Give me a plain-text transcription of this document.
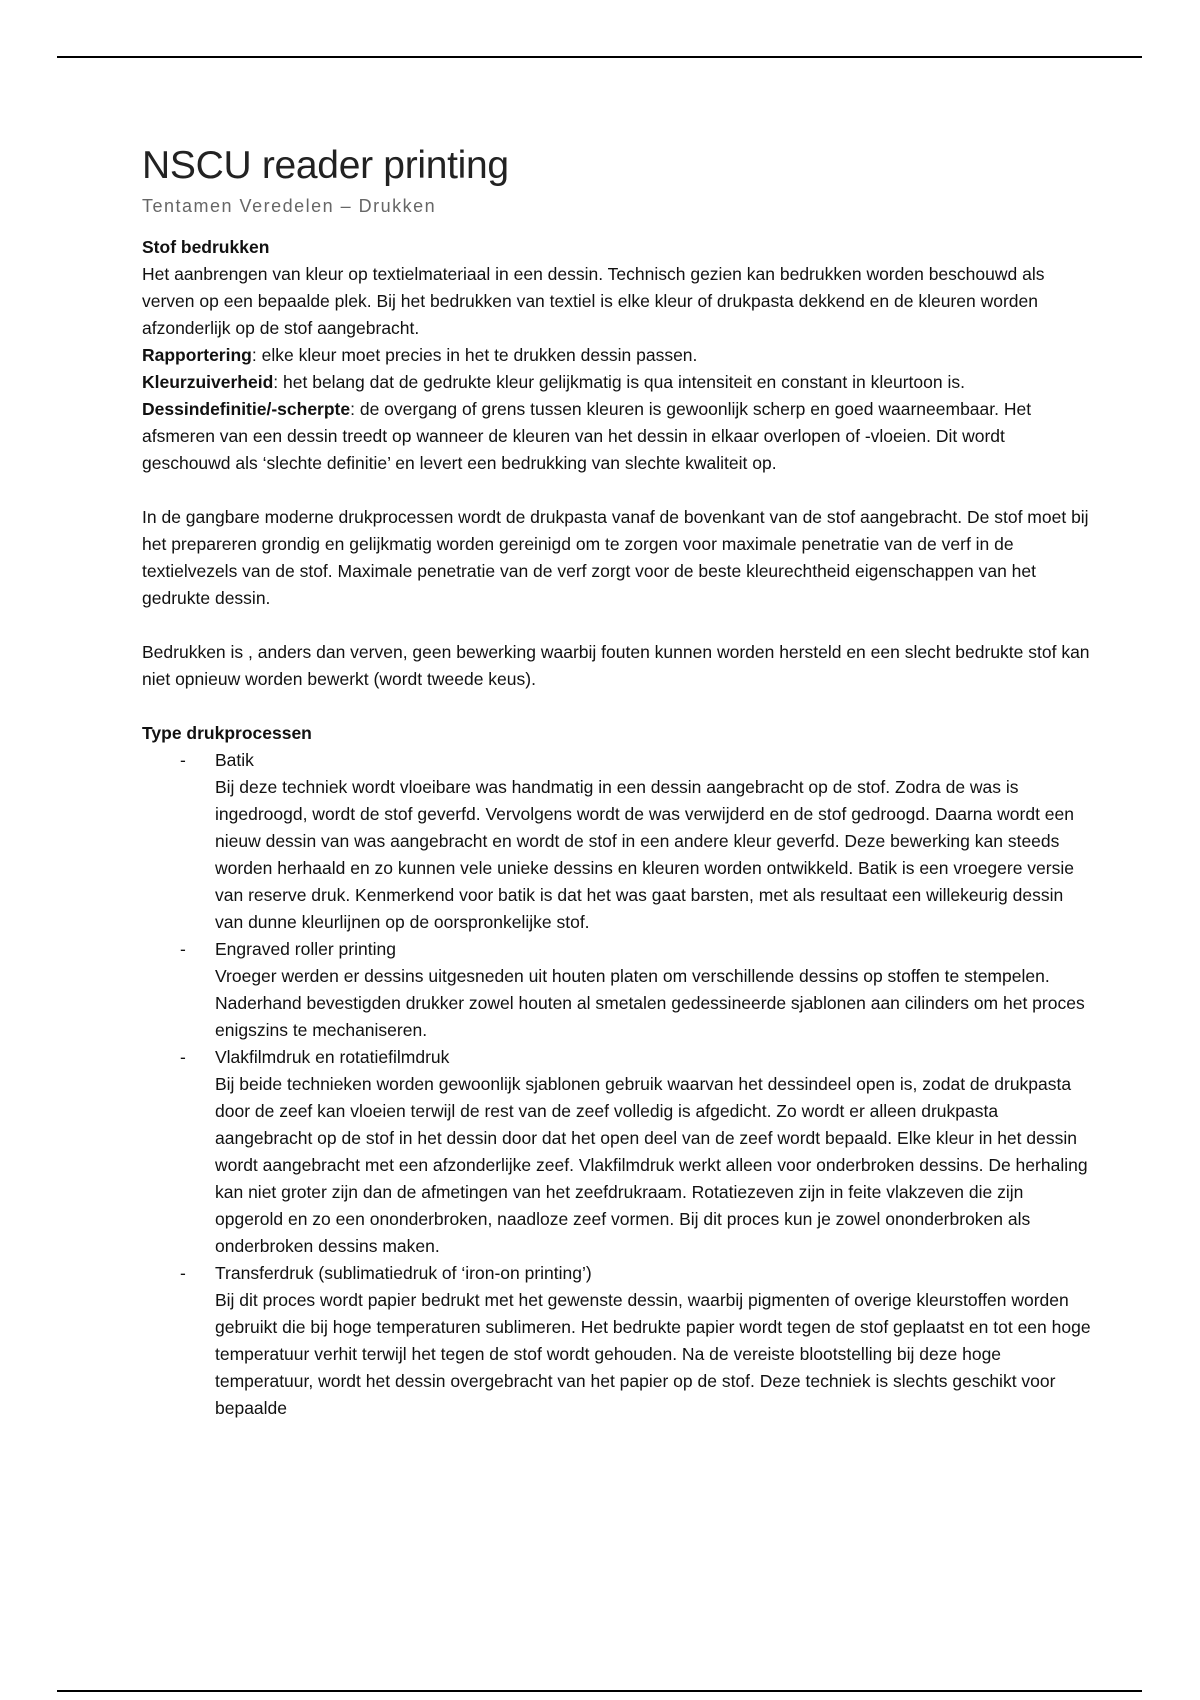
NSCU reader printing
Tentamen Veredelen – Drukken
Stof bedrukken

Het aanbrengen van kleur op textielmateriaal in een dessin. Technisch gezien kan bedrukken worden beschouwd als verven op een bepaalde plek. Bij het bedrukken van textiel is elke kleur of drukpasta dekkend en de kleuren worden afzonderlijk op de stof aangebracht.

Rapportering: elke kleur moet precies in het te drukken dessin passen.

Kleurzuiverheid: het belang dat de gedrukte kleur gelijkmatig is qua intensiteit en constant in kleurtoon is.

Dessindefinitie/-scherpte: de overgang of grens tussen kleuren is gewoonlijk scherp en goed waarneembaar. Het afsmeren van een dessin treedt op wanneer de kleuren van het dessin in elkaar overlopen of -vloeien. Dit wordt geschouwd als ‘slechte definitie’ en levert een bedrukking van slechte kwaliteit op.

In de gangbare moderne drukprocessen wordt de drukpasta vanaf de bovenkant van de stof aangebracht. De stof moet bij het prepareren grondig en gelijkmatig worden gereinigd om te zorgen voor maximale penetratie van de verf in de textielvezels van de stof. Maximale penetratie van de verf zorgt voor de beste kleurechtheid eigenschappen van het gedrukte dessin.

Bedrukken is , anders dan verven, geen bewerking waarbij fouten kunnen worden hersteld en een slecht bedrukte stof kan niet opnieuw worden bewerkt (wordt tweede keus).

Type drukprocessen
- Batik
Bij deze techniek wordt vloeibare was handmatig in een dessin aangebracht op de stof. Zodra de was is ingedroogd, wordt de stof geverfd. Vervolgens wordt de was verwijderd en de stof gedroogd. Daarna wordt een nieuw dessin van was aangebracht en wordt de stof in een andere kleur geverfd. Deze bewerking kan steeds worden herhaald en zo kunnen vele unieke dessins en kleuren worden ontwikkeld. Batik is een vroegere versie van reserve druk. Kenmerkend voor batik is dat het was gaat barsten, met als resultaat een willekeurig dessin van dunne kleurlijnen op de oorspronkelijke stof.
- Engraved roller printing
Vroeger werden er dessins uitgesneden uit houten platen om verschillende dessins op stoffen te stempelen. Naderhand bevestigden drukker zowel houten al smetalen gedessineerde sjablonen aan cilinders om het proces enigszins te mechaniseren.
- Vlakfilmdruk en rotatiefilmdruk
Bij beide technieken worden gewoonlijk sjablonen gebruik waarvan het dessindeel open is, zodat de drukpasta door de zeef kan vloeien terwijl de rest van de zeef volledig is afgedicht. Zo wordt er alleen drukpasta aangebracht op de stof in het dessin door dat het open deel van de zeef wordt bepaald. Elke kleur in het dessin wordt aangebracht met een afzonderlijke zeef. Vlakfilmdruk werkt alleen voor onderbroken dessins. De herhaling kan niet groter zijn dan de afmetingen van het zeefdrukraam. Rotatiezeven zijn in feite vlakzeven die zijn opgerold en zo een ononderbroken, naadloze zeef vormen. Bij dit proces kun je zowel ononderbroken als onderbroken dessins maken.
- Transferdruk (sublimatiedruk of ‘iron-on printing’)
Bij dit proces wordt papier bedrukt met het gewenste dessin, waarbij pigmenten of overige kleurstoffen worden gebruikt die bij hoge temperaturen sublimeren. Het bedrukte papier wordt tegen de stof geplaatst en tot een hoge temperatuur verhit terwijl het tegen de stof wordt gehouden. Na de vereiste blootstelling bij deze hoge temperatuur, wordt het dessin overgebracht van het papier op de stof. Deze techniek is slechts geschikt voor bepaalde
